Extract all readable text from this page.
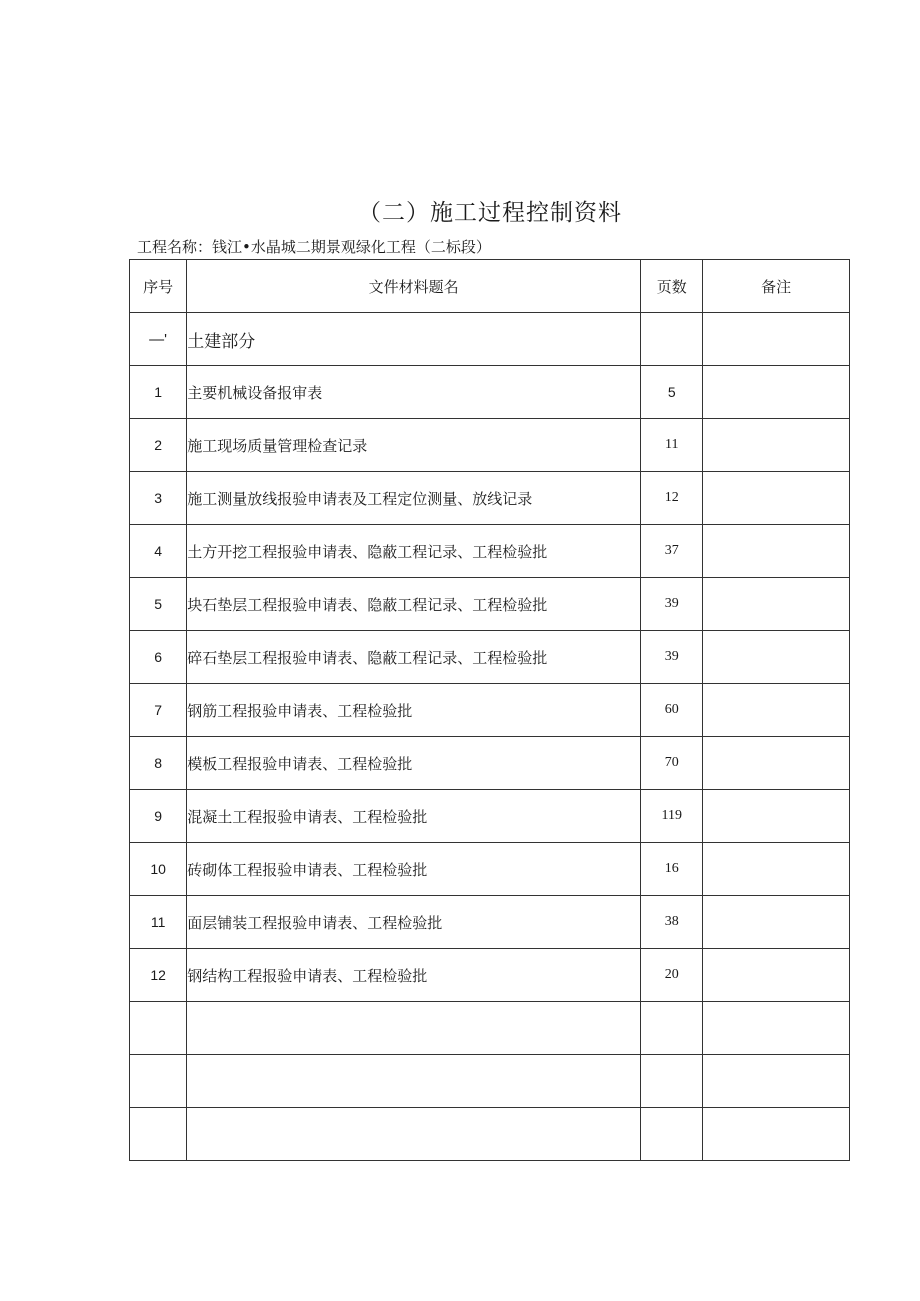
（二）施工过程控制资料
工程名称：钱江•水晶城二期景观绿化工程（二标段）
序号	文件材料题名	页数	备注
—'	土建部分		
1	主要机械设备报审表	5	
2	施工现场质量管理检查记录	11	
3	施工测量放线报验申请表及工程定位测量、放线记录	12	
4	土方开挖工程报验申请表、隐蔽工程记录、工程检验批	37	
5	块石垫层工程报验申请表、隐蔽工程记录、工程检验批	39	
6	碎石垫层工程报验申请表、隐蔽工程记录、工程检验批	39	
7	钢筋工程报验申请表、工程检验批	60	
8	模板工程报验申请表、工程检验批	70	
9	混凝土工程报验申请表、工程检验批	119	
10	砖砌体工程报验申请表、工程检验批	16	
11	面层铺装工程报验申请表、工程检验批	38	
12	钢结构工程报验申请表、工程检验批	20	
